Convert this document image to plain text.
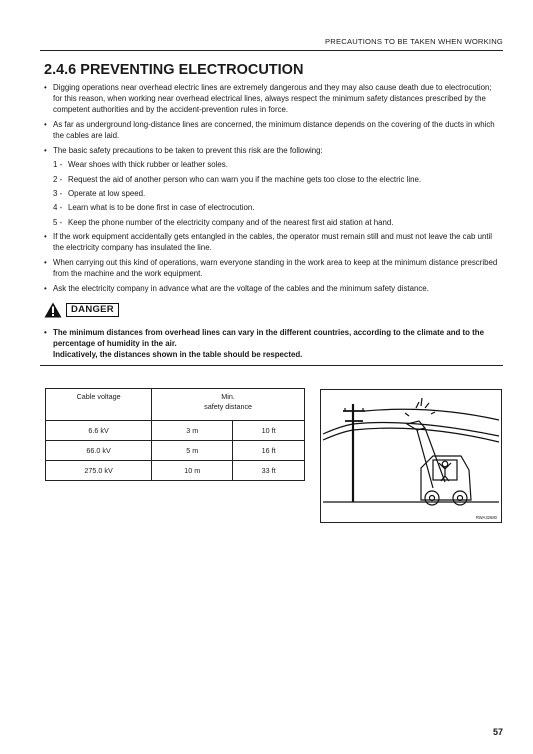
PRECAUTIONS TO BE TAKEN WHEN WORKING
2.4.6 PREVENTING ELECTROCUTION

• Digging operations near overhead electric lines are extremely dangerous and they may also cause death due to electrocution; for this reason, when working near overhead electrical lines, always respect the minimum safety distances prescribed by the competent authorities and by the accident-prevention rules in force.

• As far as underground long-distance lines are concerned, the minimum distance depends on the covering of the ducts in which the cables are laid.

• The basic safety precautions to be taken to prevent this risk are the following:

1 - Wear shoes with thick rubber or leather soles.

2 - Request the aid of another person who can warn you if the machine gets too close to the electric line.

3 - Operate at low speed.

4 - Learn what is to be done first in case of electrocution.

5 - Keep the phone number of the electricity company and of the nearest first aid station at hand.

• If the work equipment accidentally gets entangled in the cables, the operator must remain still and must not leave the cab until the electricity company has insulated the line.

• When carrying out this kind of operations, warn everyone standing in the work area to keep at the minimum distance prescribed from the machine and the work equipment.

• Ask the electricity company in advance what are the voltage of the cables and the minimum safety distance.

DANGER

• The minimum distances from overhead lines can vary in the different countries, according to the climate and to the percentage of humidity in the air.

Indicatively, the distances shown in the table should be respected.

Cable voltage	Min.
safety distance	
6.6 kV	3 m	10 ft
66.0 kV	5 m	16 ft
275.0 kV	10 m	33 ft
RWA32680
57
